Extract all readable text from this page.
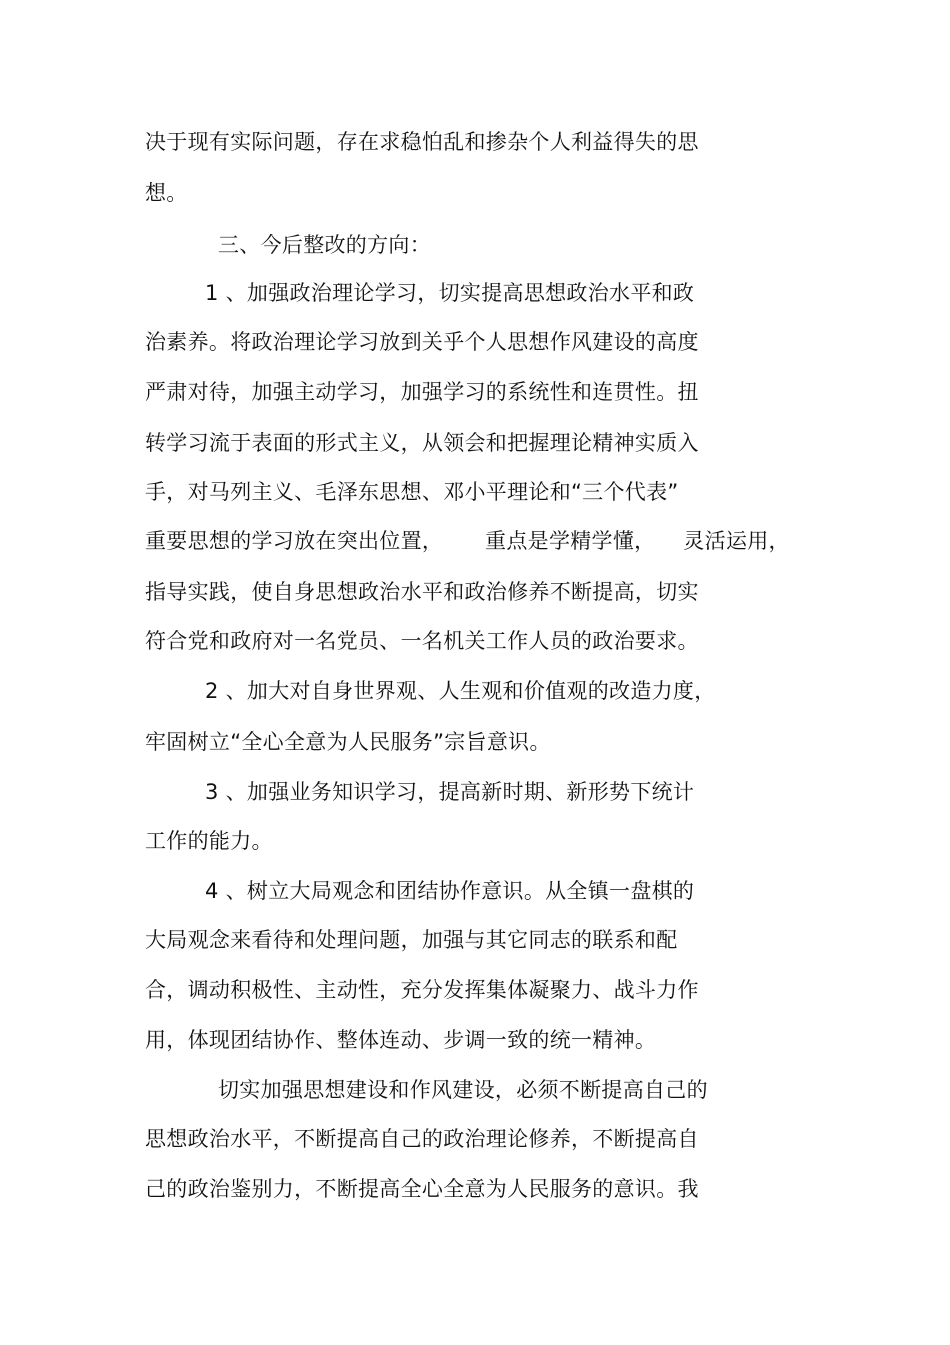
决于现有实际问题，存在求稳怕乱和掺杂个人利益得失的思
想。
三、今后整改的方向：
1 、加强政治理论学习，切实提高思想政治水平和政
治素养。将政治理论学习放到关乎个人思想作风建设的高度
严肃对待，加强主动学习，加强学习的系统性和连贯性。扭
转学习流于表面的形式主义，从领会和把握理论精神实质入
手，对马列主义、毛泽东思想、邓小平理论和“三个代表”
重要思想的学习放在突出位置，      重点是学精学懂，    灵活运用，
指导实践，使自身思想政治水平和政治修养不断提高，切实
符合党和政府对一名党员、一名机关工作人员的政治要求。
2 、加大对自身世界观、人生观和价值观的改造力度，
牢固树立“全心全意为人民服务”宗旨意识。
3 、加强业务知识学习，提高新时期、新形势下统计
工作的能力。
4 、树立大局观念和团结协作意识。从全镇一盘棋的
大局观念来看待和处理问题，加强与其它同志的联系和配
合，调动积极性、主动性，充分发挥集体凝聚力、战斗力作
用，体现团结协作、整体连动、步调一致的统一精神。
切实加强思想建设和作风建设，必须不断提高自己的
思想政治水平，不断提高自己的政治理论修养，不断提高自
己的政治鉴别力，不断提高全心全意为人民服务的意识。我
